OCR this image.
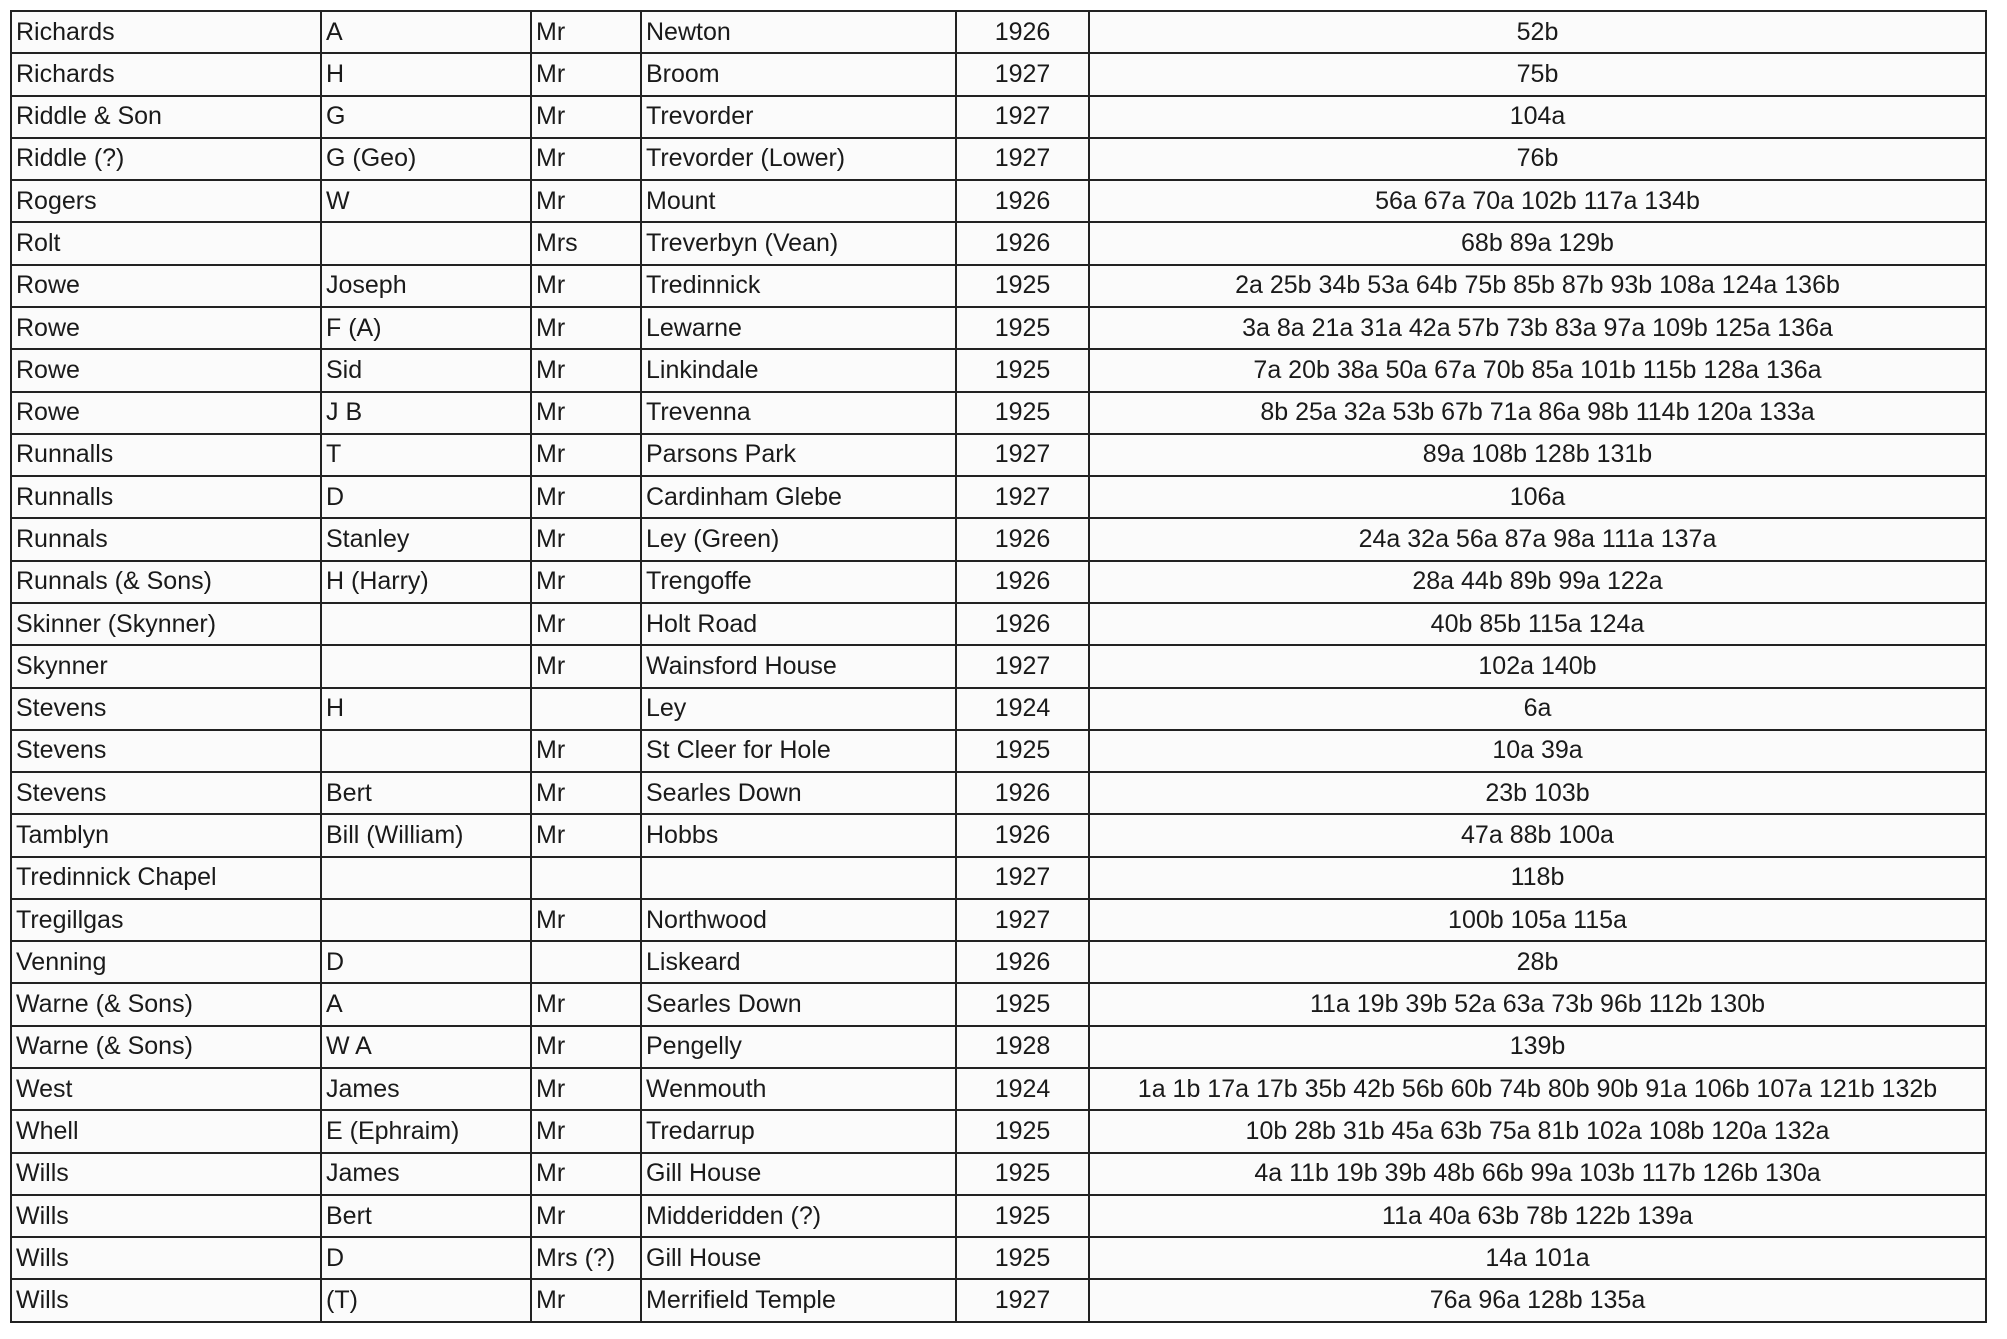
Richards	A	Mr	Newton	1926	52b
Richards	H	Mr	Broom	1927	75b
Riddle & Son	G	Mr	Trevorder	1927	104a
Riddle (?)	G (Geo)	Mr	Trevorder (Lower)	1927	76b
Rogers	W	Mr	Mount	1926	56a 67a 70a 102b 117a 134b
Rolt		Mrs	Treverbyn (Vean)	1926	68b 89a 129b
Rowe	Joseph	Mr	Tredinnick	1925	2a 25b 34b 53a 64b 75b 85b 87b 93b 108a 124a 136b
Rowe	F (A)	Mr	Lewarne	1925	3a 8a 21a 31a 42a 57b 73b 83a 97a 109b 125a 136a
Rowe	Sid	Mr	Linkindale	1925	7a 20b 38a 50a 67a 70b 85a 101b 115b 128a 136a
Rowe	J B	Mr	Trevenna	1925	8b 25a 32a 53b 67b 71a 86a 98b 114b 120a 133a
Runnalls	T	Mr	Parsons Park	1927	89a 108b 128b 131b
Runnalls	D	Mr	Cardinham Glebe	1927	106a
Runnals	Stanley	Mr	Ley (Green)	1926	24a 32a 56a 87a 98a 111a 137a
Runnals (& Sons)	H (Harry)	Mr	Trengoffe	1926	28a 44b 89b 99a 122a
Skinner (Skynner)		Mr	Holt Road	1926	40b 85b 115a 124a
Skynner		Mr	Wainsford House	1927	102a 140b
Stevens	H		Ley	1924	6a
Stevens		Mr	St Cleer for Hole	1925	10a 39a
Stevens	Bert	Mr	Searles Down	1926	23b 103b
Tamblyn	Bill (William)	Mr	Hobbs	1926	47a 88b 100a
Tredinnick Chapel				1927	118b
Tregillgas		Mr	Northwood	1927	100b 105a 115a
Venning	D		Liskeard	1926	28b
Warne (& Sons)	A	Mr	Searles Down	1925	11a 19b 39b 52a 63a 73b 96b 112b 130b
Warne (& Sons)	W A	Mr	Pengelly	1928	139b
West	James	Mr	Wenmouth	1924	1a 1b 17a 17b 35b 42b 56b 60b 74b 80b 90b 91a 106b 107a 121b 132b
Whell	E (Ephraim)	Mr	Tredarrup	1925	10b 28b 31b 45a 63b 75a 81b 102a 108b 120a 132a
Wills	James	Mr	Gill House	1925	4a 11b 19b 39b 48b 66b 99a 103b 117b 126b 130a
Wills	Bert	Mr	Midderidden (?)	1925	11a 40a 63b 78b 122b 139a
Wills	D	Mrs (?)	Gill House	1925	14a 101a
Wills	(T)	Mr	Merrifield Temple	1927	76a 96a 128b 135a
